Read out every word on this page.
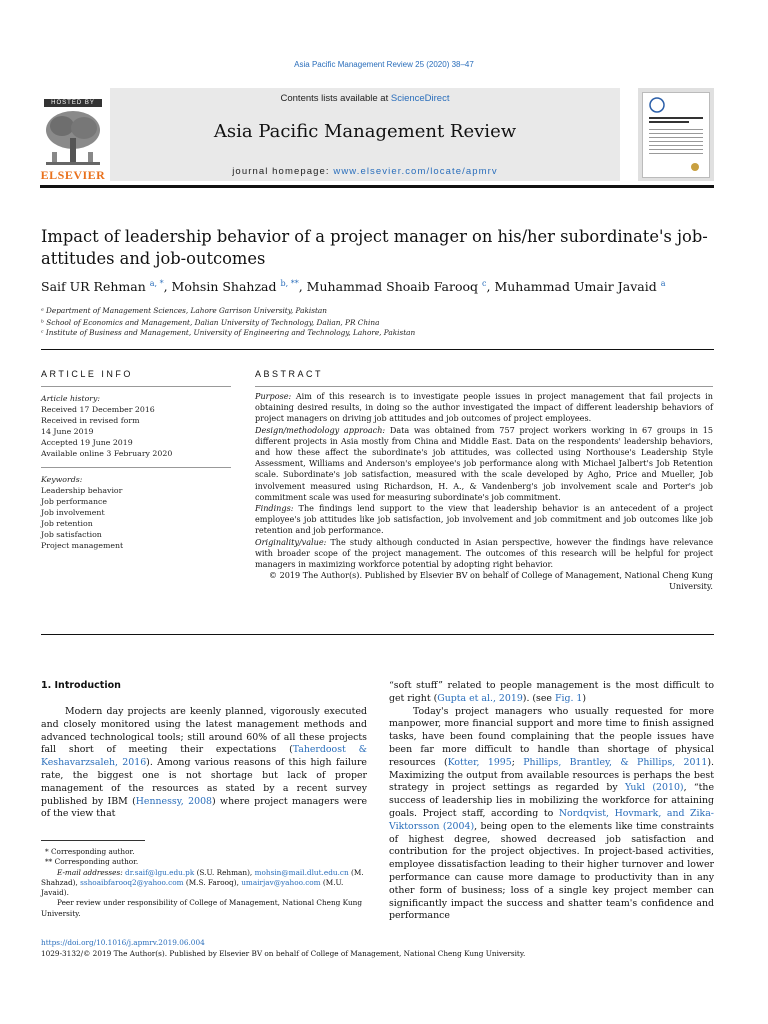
Asia Pacific Management Review 25 (2020) 38–47
HOSTED BY
ELSEVIER
Contents lists available at ScienceDirect
Asia Pacific Management Review
journal homepage: www.elsevier.com/locate/apmrv
Impact of leadership behavior of a project manager on his/her subordinate's job-attitudes and job-outcomes
Saif UR Rehman $^{a, *}$, Mohsin Shahzad $^{b, **}$, Muhammad Shoaib Farooq $^c$, Muhammad Umair Javaid $^a$
ᵃ Department of Management Sciences, Lahore Garrison University, Pakistan
ᵇ School of Economics and Management, Dalian University of Technology, Dalian, PR China
ᶜ Institute of Business and Management, University of Engineering and Technology, Lahore, Pakistan
ARTICLE INFO
Article history:
Received 17 December 2016
Received in revised form
14 June 2019
Accepted 19 June 2019
Available online 3 February 2020
Keywords:
Leadership behavior
Job performance
Job involvement
Job retention
Job satisfaction
Project management
ABSTRACT

Purpose: Aim of this research is to investigate people issues in project management that fail projects in obtaining desired results, in doing so the author investigated the impact of different leadership behaviors of project managers on driving job attitudes and job outcomes of project employees.

Design/methodology approach: Data was obtained from 757 project workers working in 67 groups in 15 different projects in Asia mostly from China and Middle East. Data on the respondents' leadership behaviors, and how these affect the subordinate's job attitudes, was collected using Northouse's Leadership Style Assessment, Williams and Anderson's employee's job performance along with Michael Jalbert's Job Retention scale. Subordinate's job satisfaction, measured with the scale developed by Agho, Price and Mueller, Job involvement measured using Richardson, H. A., & Vandenberg's job involvement scale and Porter's job commitment scale was used for measuring subordinate's job commitment.

Findings: The findings lend support to the view that leadership behavior is an antecedent of a project employee's job attitudes like job satisfaction, job involvement and job commitment and job outcomes like job retention and job performance.

Originality/value: The study although conducted in Asian perspective, however the findings have relevance with broader scope of the project management. The outcomes of this research will be helpful for project managers in maximizing workforce potential by adopting right behavior.

© 2019 The Author(s). Published by Elsevier BV on behalf of College of Management, National Cheng Kung University.

1. Introduction

Modern day projects are keenly planned, vigorously executed and closely monitored using the latest management methods and advanced technological tools; still around 60% of all these projects fall short of meeting their expectations (Taherdoost & Keshavarzsaleh, 2016). Among various reasons of this high failure rate, the biggest one is not shortage but lack of proper management of the resources as stated by a recent survey published by IBM (Hennessy, 2008) where project managers were of the view that

* Corresponding author.
** Corresponding author.
E-mail addresses: dr.saif@lgu.edu.pk (S.U. Rehman), mohsin@mail.dlut.edu.cn (M. Shahzad), sshoaibfarooq2@yahoo.com (M.S. Farooq), umairjav@yahoo.com (M.U. Javaid).
Peer review under responsibility of College of Management, National Cheng Kung University.

“soft stuff” related to people management is the most difficult to get right (Gupta et al., 2019). (see Fig. 1)

Today's project managers who usually requested for more manpower, more financial support and more time to finish assigned tasks, have been found complaining that the people issues have been far more difficult to handle than shortage of physical resources (Kotter, 1995; Phillips, Brantley, & Phillips, 2011). Maximizing the output from available resources is perhaps the best strategy in project settings as regarded by Yukl (2010), “the success of leadership lies in mobilizing the workforce for attaining goals. Project staff, according to Nordqvist, Hovmark, and Zika-Viktorsson (2004), being open to the elements like time constraints of highest degree, showed decreased job satisfaction and contribution for the project objectives. In project-based activities, employee dissatisfaction leading to their higher turnover and lower performance can cause more damage to productivity than in any other form of business; loss of a single key project member can significantly impact the success and shatter team's confidence and performance

https://doi.org/10.1016/j.apmrv.2019.06.004
1029-3132/© 2019 The Author(s). Published by Elsevier BV on behalf of College of Management, National Cheng Kung University.
